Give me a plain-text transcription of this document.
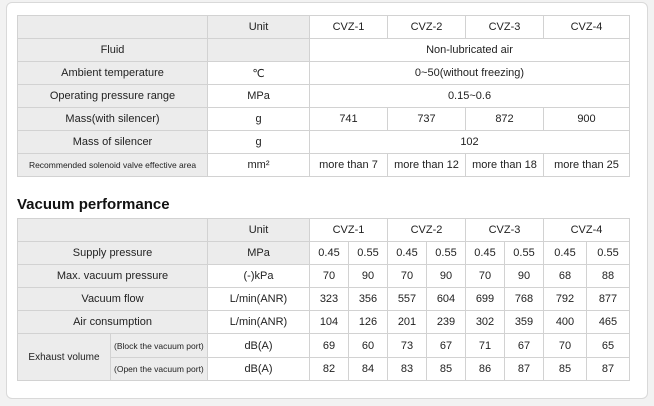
	Unit	CVZ-1	CVZ-2	CVZ-3	CVZ-4
Fluid		Non-lubricated air			
Ambient temperature	℃	0~50(without freezing)			
Operating pressure range	MPa	0.15~0.6			
Mass(with silencer)	g	741	737	872	900
Mass of silencer	g	102			
Recommended solenoid valve effective area	mm²	more than 7	more than 12	more than 18	more than 25
Vacuum performance
		Unit	CVZ-1		CVZ-2		CVZ-3		CVZ-4	
Supply pressure		MPa	0.45	0.55	0.45	0.55	0.45	0.55	0.45	0.55
Max. vacuum pressure		(-)kPa	70	90	70	90	70	90	68	88
Vacuum flow		L/min(ANR)	323	356	557	604	699	768	792	877
Air consumption		L/min(ANR)	104	126	201	239	302	359	400	465
Exhaust volume	(Block the vacuum port)	dB(A)	69	60	73	67	71	67	70	65
	(Open the vacuum port)	dB(A)	82	84	83	85	86	87	85	87
